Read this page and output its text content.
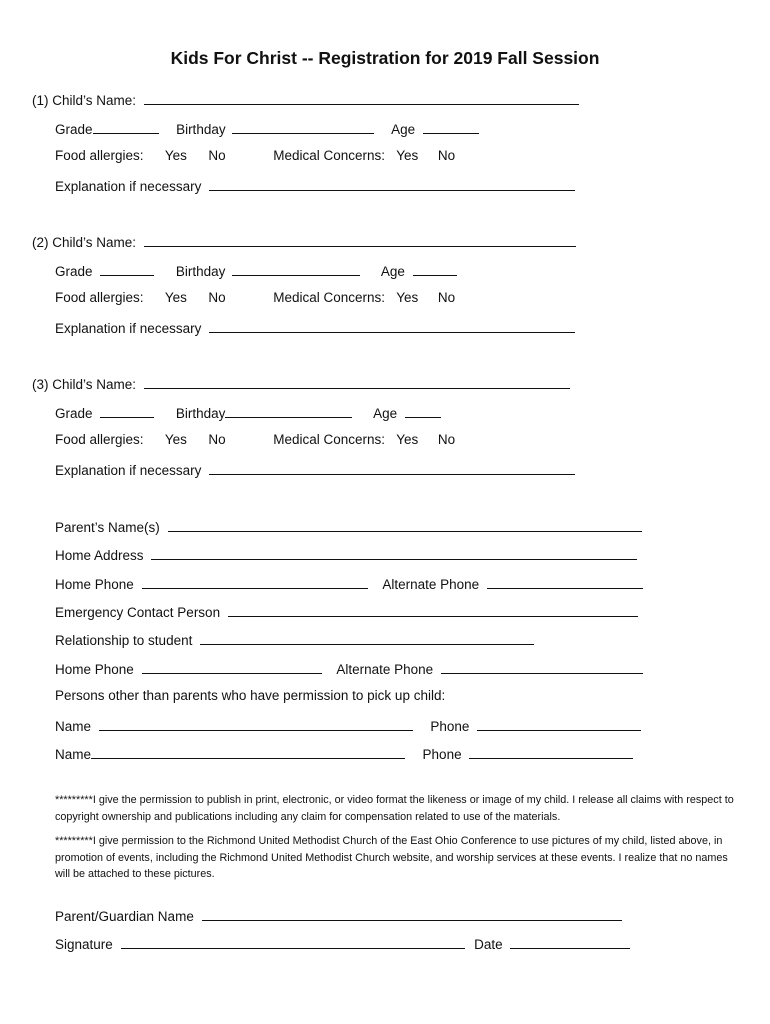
Kids For Christ -- Registration for 2019 Fall Session
(1) Child’s Name:
Grade	Birthday	Age
Food allergies: Yes No	Medical Concerns: Yes No
Explanation if necessary
(2) Child’s Name:
Grade	Birthday	Age
Food allergies: Yes No	Medical Concerns: Yes No
Explanation if necessary
(3) Child’s Name:
Grade	Birthday	Age
Food allergies: Yes No	Medical Concerns: Yes No
Explanation if necessary
Parent’s Name(s)
Home Address
Home Phone	Alternate Phone
Emergency Contact Person
Relationship to student
Home Phone	Alternate Phone
Persons other than parents who have permission to pick up child:
Name	Phone
Name	Phone
*********I give the permission to publish in print, electronic, or video format the likeness or image of my child. I release all claims with respect to copyright ownership and publications including any claim for compensation related to use of the materials.
*********I give permission to the Richmond United Methodist Church of the East Ohio Conference to use pictures of my child, listed above, in promotion of events, including the Richmond United Methodist Church website, and worship services at these events. I realize that no names will be attached to these pictures.
Parent/Guardian Name
Signature	Date
